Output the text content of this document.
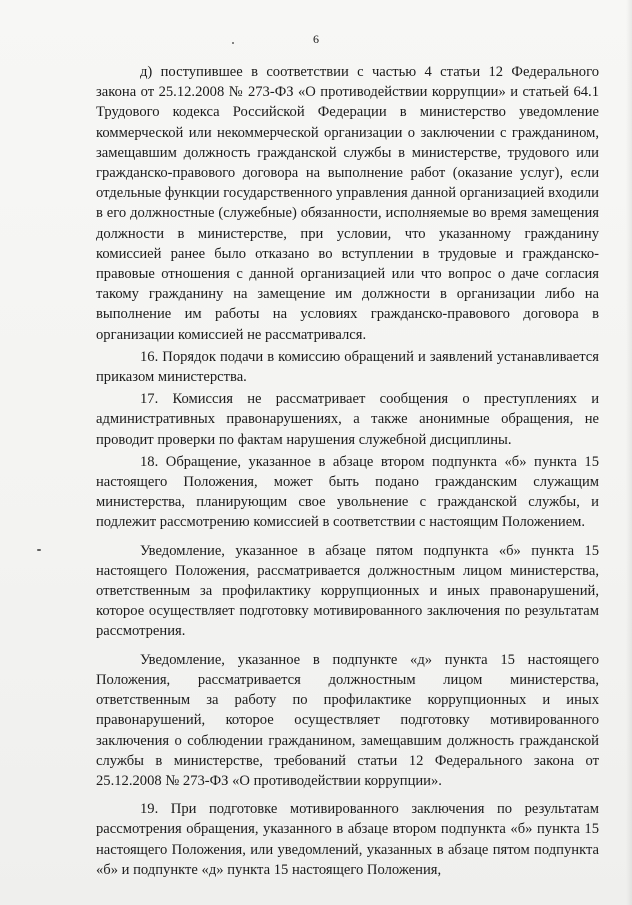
6

д) поступившее в соответствии с частью 4 статьи 12 Федерального закона от 25.12.2008 № 273-ФЗ «О противодействии коррупции» и статьей 64.1 Трудового кодекса Российской Федерации в министерство уведомление коммерческой или некоммерческой организации о заключении с гражданином, замещавшим должность гражданской службы в министерстве, трудового или гражданско-правового договора на выполнение работ (оказание услуг), если отдельные функции государственного управления данной организацией входили в его должностные (служебные) обязанности, исполняемые во время замещения должности в министерстве, при условии, что указанному гражданину комиссией ранее было отказано во вступлении в трудовые и гражданско-правовые отношения с данной организацией или что вопрос о даче согласия такому гражданину на замещение им должности в организации либо на выполнение им работы на условиях гражданско-правового договора в организации комиссией не рассматривался.

16. Порядок подачи в комиссию обращений и заявлений устанавливается приказом министерства.

17. Комиссия не рассматривает сообщения о преступлениях и административных правонарушениях, а также анонимные обращения, не проводит проверки по фактам нарушения служебной дисциплины.

18. Обращение, указанное в абзаце втором подпункта «б» пункта 15 настоящего Положения, может быть подано гражданским служащим министерства, планирующим свое увольнение с гражданской службы, и подлежит рассмотрению комиссией в соответствии с настоящим Положением.

Уведомление, указанное в абзаце пятом подпункта «б» пункта 15 настоящего Положения, рассматривается должностным лицом министерства, ответственным за профилактику коррупционных и иных правонарушений, которое осуществляет подготовку мотивированного заключения по результатам рассмотрения.

Уведомление, указанное в подпункте «д» пункта 15 настоящего Положения, рассматривается должностным лицом министерства, ответственным за работу по профилактике коррупционных и иных правонарушений, которое осуществляет подготовку мотивированного заключения о соблюдении гражданином, замещавшим должность гражданской службы в министерстве, требований статьи 12 Федерального закона от 25.12.2008 № 273-ФЗ «О противодействии коррупции».

19. При подготовке мотивированного заключения по результатам рассмотрения обращения, указанного в абзаце втором подпункта «б» пункта 15 настоящего Положения, или уведомлений, указанных в абзаце пятом подпункта «б» и подпункте «д» пункта 15 настоящего Положения,
